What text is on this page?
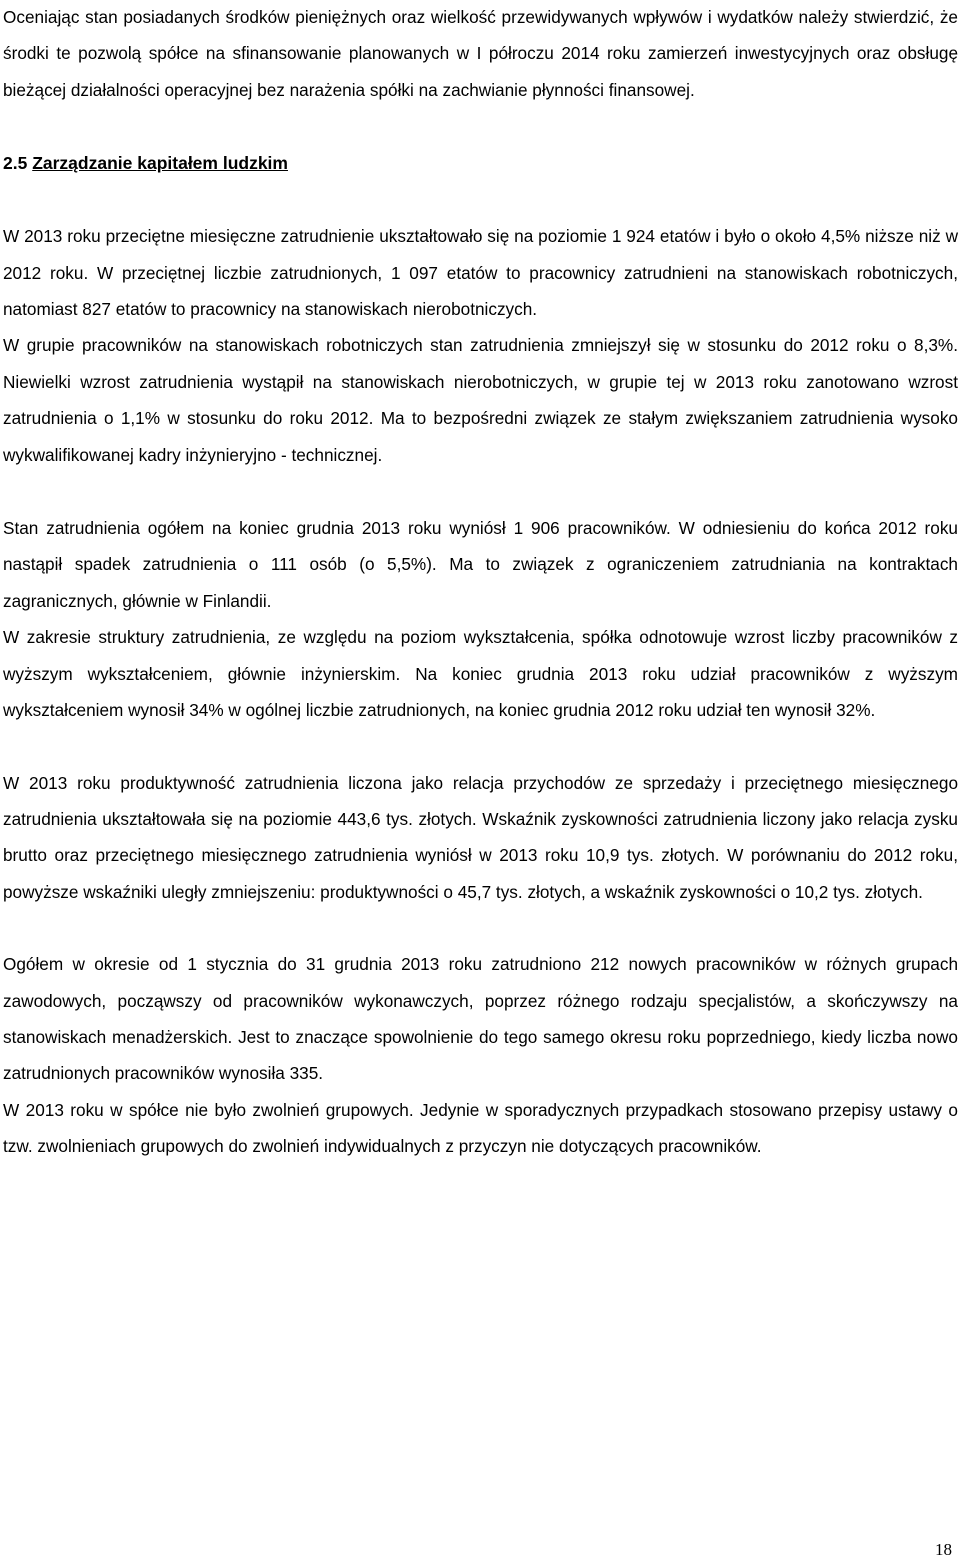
Oceniając stan posiadanych środków pieniężnych oraz wielkość przewidywanych wpływów i wydatków należy stwierdzić, że środki te pozwolą spółce na sfinansowanie planowanych w I półroczu 2014 roku zamierzeń inwestycyjnych oraz obsługę bieżącej działalności operacyjnej bez narażenia spółki na zachwianie płynności finansowej.

2.5 Zarządzanie kapitałem ludzkim

W 2013 roku przeciętne miesięczne zatrudnienie ukształtowało się na poziomie 1 924 etatów i było o około 4,5% niższe niż w 2012 roku. W przeciętnej liczbie zatrudnionych, 1 097 etatów to pracownicy zatrudnieni na stanowiskach robotniczych, natomiast 827 etatów to pracownicy na stanowiskach nierobotniczych.

W grupie pracowników na stanowiskach robotniczych stan zatrudnienia zmniejszył się w stosunku do 2012 roku o 8,3%. Niewielki wzrost zatrudnienia wystąpił na stanowiskach nierobotniczych, w grupie tej w 2013 roku zanotowano wzrost zatrudnienia o 1,1% w stosunku do roku 2012. Ma to bezpośredni związek ze stałym zwiększaniem zatrudnienia wysoko wykwalifikowanej kadry inżynieryjno - technicznej.

Stan zatrudnienia ogółem na koniec grudnia 2013 roku wyniósł 1 906 pracowników. W odniesieniu do końca 2012 roku nastąpił spadek zatrudnienia o 111 osób (o 5,5%). Ma to związek z ograniczeniem zatrudniania na kontraktach zagranicznych, głównie w Finlandii.

W zakresie struktury zatrudnienia, ze względu na poziom wykształcenia, spółka odnotowuje wzrost liczby pracowników z wyższym wykształceniem, głównie inżynierskim. Na koniec grudnia 2013 roku udział pracowników z wyższym wykształceniem wynosił 34% w ogólnej liczbie zatrudnionych, na koniec grudnia 2012 roku udział ten wynosił 32%.

W 2013 roku produktywność zatrudnienia liczona jako relacja przychodów ze sprzedaży i przeciętnego miesięcznego zatrudnienia ukształtowała się na poziomie 443,6 tys. złotych. Wskaźnik zyskowności zatrudnienia liczony jako relacja zysku brutto oraz przeciętnego miesięcznego zatrudnienia wyniósł w 2013 roku 10,9 tys. złotych. W porównaniu do 2012 roku, powyższe wskaźniki uległy zmniejszeniu: produktywności o 45,7 tys. złotych, a wskaźnik zyskowności o 10,2 tys. złotych.

Ogółem w okresie od 1 stycznia do 31 grudnia 2013 roku zatrudniono 212 nowych pracowników w różnych grupach zawodowych, począwszy od pracowników wykonawczych, poprzez różnego rodzaju specjalistów, a skończywszy na stanowiskach menadżerskich. Jest to znaczące spowolnienie do tego samego okresu roku poprzedniego, kiedy liczba nowo zatrudnionych pracowników wynosiła 335.

W 2013 roku w spółce nie było zwolnień grupowych. Jedynie w sporadycznych przypadkach stosowano przepisy ustawy o tzw. zwolnieniach grupowych do zwolnień indywidualnych z przyczyn nie dotyczących pracowników.

18
